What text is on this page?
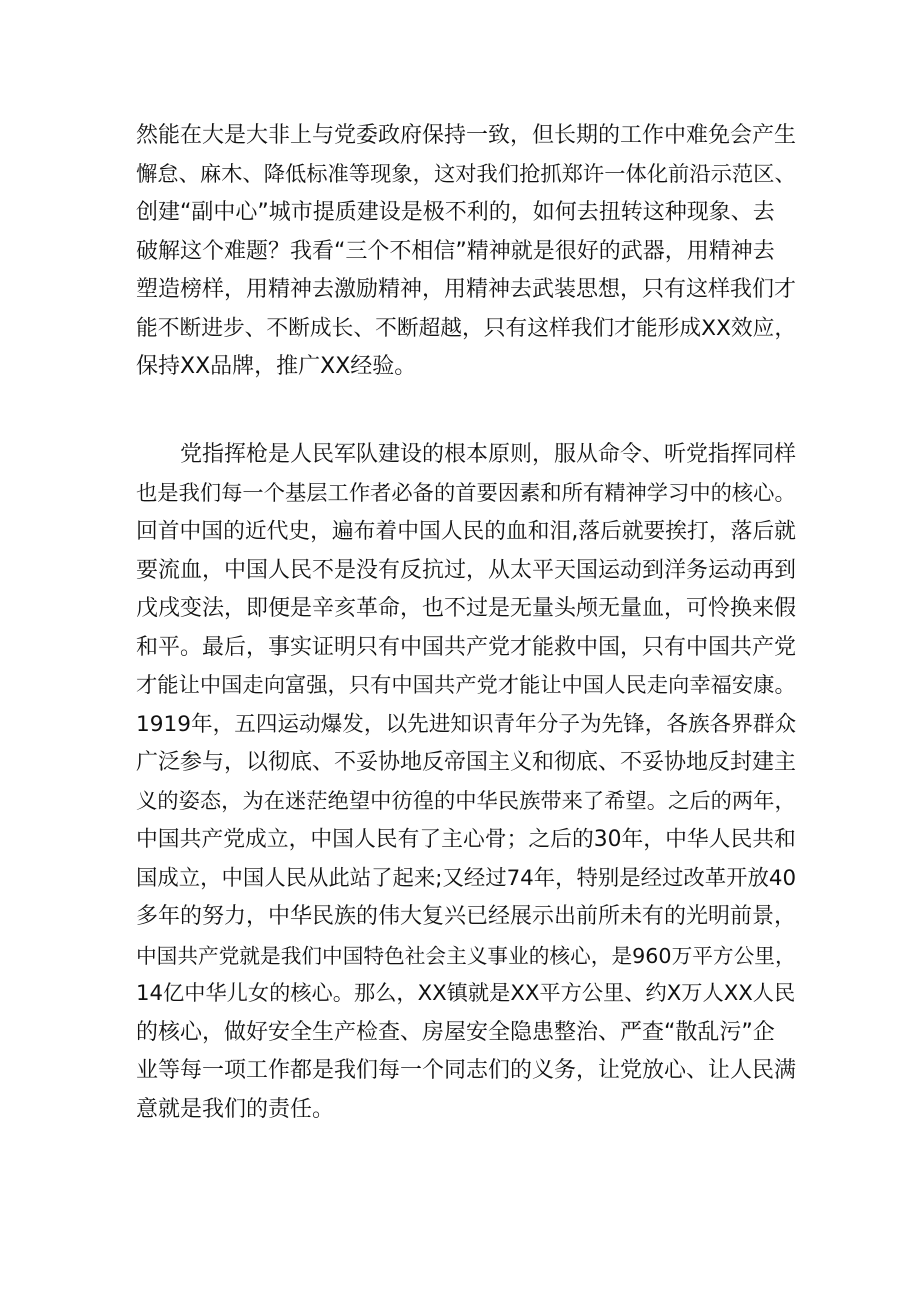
然能在大是大非上与党委政府保持一致，但长期的工作中难免会产生
懈怠、麻木、降低标准等现象，这对我们抢抓郑许一体化前沿示范区、
创建“副中心”城市提质建设是极不利的，如何去扭转这种现象、去
破解这个难题？我看“三个不相信”精神就是很好的武器，用精神去
塑造榜样，用精神去激励精神，用精神去武装思想，只有这样我们才
能不断进步、不断成长、不断超越，只有这样我们才能形成XX效应，
保持XX品牌，推广XX经验。
党指挥枪是人民军队建设的根本原则，服从命令、听党指挥同样
也是我们每一个基层工作者必备的首要因素和所有精神学习中的核心。
回首中国的近代史，遍布着中国人民的血和泪,落后就要挨打，落后就
要流血，中国人民不是没有反抗过，从太平天国运动到洋务运动再到
戊戌变法，即便是辛亥革命，也不过是无量头颅无量血，可怜换来假
和平。最后，事实证明只有中国共产党才能救中国，只有中国共产党
才能让中国走向富强，只有中国共产党才能让中国人民走向幸福安康。
1919年，五四运动爆发，以先进知识青年分子为先锋，各族各界群众
广泛参与，以彻底、不妥协地反帝国主义和彻底、不妥协地反封建主
义的姿态，为在迷茫绝望中彷徨的中华民族带来了希望。之后的两年，
中国共产党成立，中国人民有了主心骨；之后的30年，中华人民共和
国成立，中国人民从此站了起来;又经过74年，特别是经过改革开放40
多年的努力，中华民族的伟大复兴已经展示出前所未有的光明前景，
中国共产党就是我们中国特色社会主义事业的核心，是960万平方公里，
14亿中华儿女的核心。那么，XX镇就是XX平方公里、约X万人XX人民
的核心，做好安全生产检查、房屋安全隐患整治、严查“散乱污”企
业等每一项工作都是我们每一个同志们的义务，让党放心、让人民满
意就是我们的责任。
